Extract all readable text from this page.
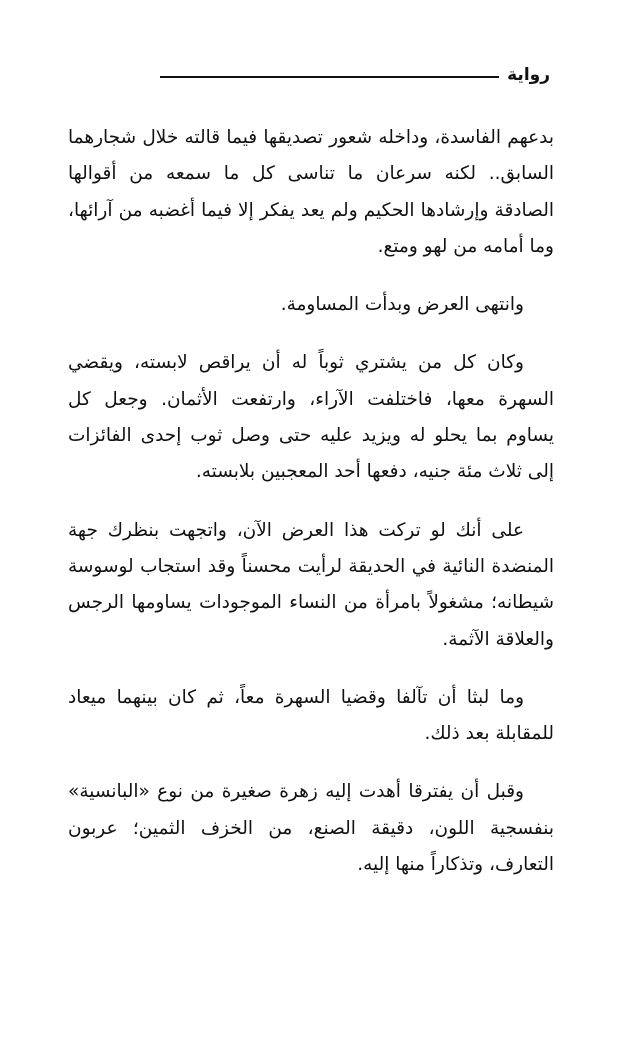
رواية

بدعهم الفاسدة، وداخله شعور تصديقها فيما قالته خلال شجارهما السابق.. لكنه سرعان ما تناسى كل ما سمعه من أقوالها الصادقة وإرشادها الحكيم ولم يعد يفكر إلا فيما أغضبه من آرائها، وما أمامه من لهو ومتع.

وانتهى العرض وبدأت المساومة.

وكان كل من يشتري ثوباً له أن يراقص لابسته، ويقضي السهرة معها، فاختلفت الآراء، وارتفعت الأثمان. وجعل كل يساوم بما يحلو له ويزيد عليه حتى وصل ثوب إحدى الفائزات إلى ثلاث مئة جنيه، دفعها أحد المعجبين بلابسته.

على أنك لو تركت هذا العرض الآن، واتجهت بنظرك جهة المنضدة النائية في الحديقة لرأيت محسناً وقد استجاب لوسوسة شيطانه؛ مشغولاً بامرأة من النساء الموجودات يساومها الرجس والعلاقة الآثمة.

وما لبثا أن تآلفا وقضيا السهرة معاً، ثم كان بينهما ميعاد للمقابلة بعد ذلك.

وقبل أن يفترقا أهدت إليه زهرة صغيرة من نوع «البانسية» بنفسجية اللون، دقيقة الصنع، من الخزف الثمين؛ عربون التعارف، وتذكاراً منها إليه.
